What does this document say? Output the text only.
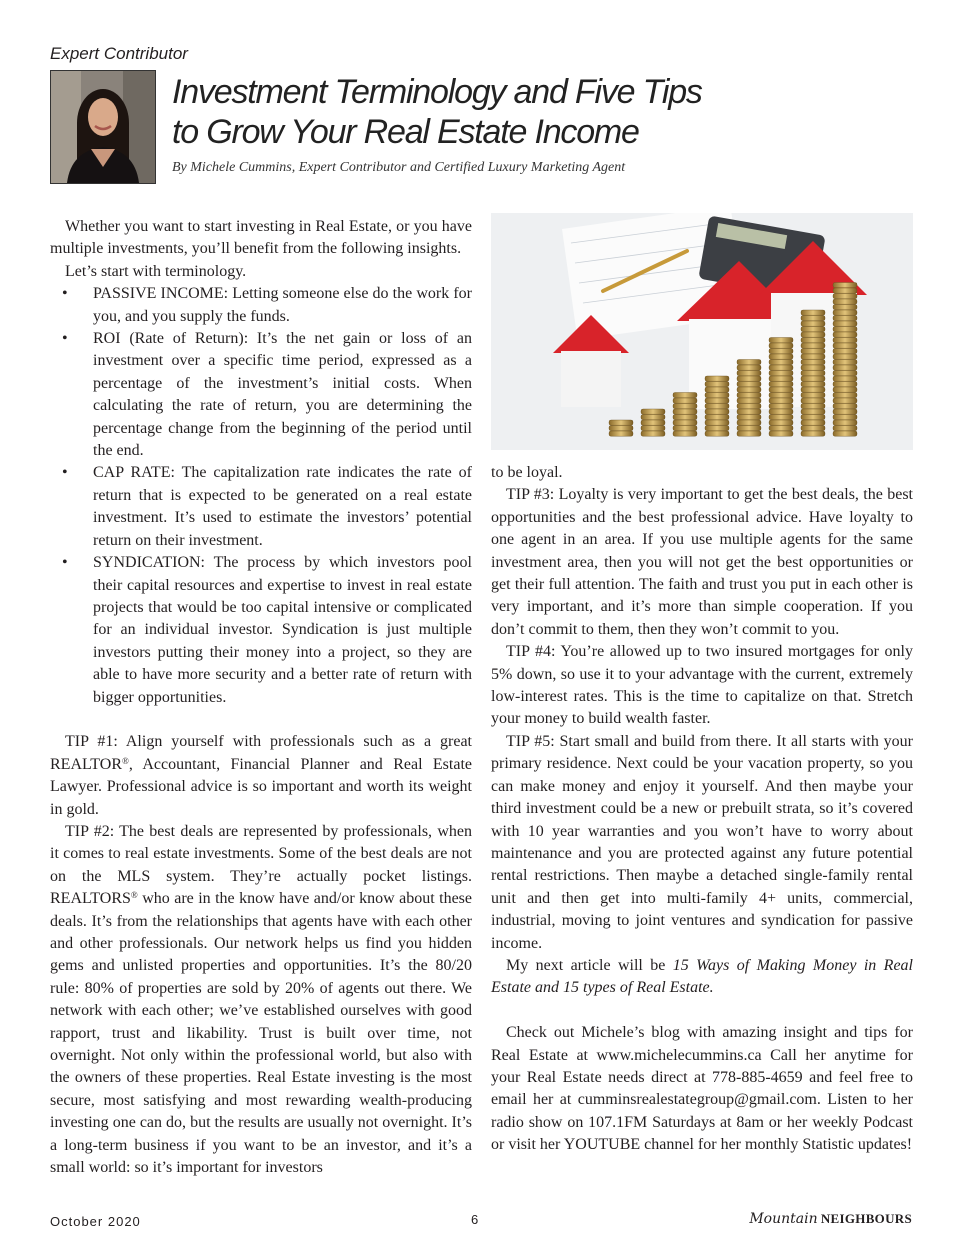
Expert Contributor
Investment Terminology and Five Tips
to Grow Your Real Estate Income
By Michele Cummins, Expert Contributor and Certified Luxury Marketing Agent

Whether you want to start investing in Real Estate, or you have multiple investments, you’ll benefit from the following insights.

Let’s start with terminology.

• PASSIVE INCOME: Letting someone else do the work for you, and you supply the funds.
• ROI (Rate of Return): It’s the net gain or loss of an investment over a specific time period, expressed as a percentage of the investment’s initial costs. When calculating the rate of return, you are determining the percentage change from the beginning of the period until the end.
• CAP RATE: The capitalization rate indicates the rate of return that is expected to be generated on a real estate investment. It’s used to estimate the investors’ potential return on their investment.
• SYNDICATION: The process by which investors pool their capital resources and expertise to invest in real estate projects that would be too capital intensive or complicated for an individual investor. Syndication is just multiple investors putting their money into a project, so they are able to have more security and a better rate of return with bigger opportunities.

TIP #1: Align yourself with professionals such as a great REALTOR®, Accountant, Financial Planner and Real Estate Lawyer. Professional advice is so important and worth its weight in gold.

TIP #2: The best deals are represented by professionals, when it comes to real estate investments. Some of the best deals are not on the MLS system. They’re actually pocket listings. REALTORS® who are in the know have and/or know about these deals. It’s from the relationships that agents have with each other and other professionals. Our network helps us find you hidden gems and unlisted properties and opportunities. It’s the 80/20 rule: 80% of properties are sold by 20% of agents out there. We network with each other; we’ve established ourselves with good rapport, trust and likability. Trust is built over time, not overnight. Not only within the professional world, but also with the owners of these properties. Real Estate investing is the most secure, most satisfying and most rewarding wealth-producing investing one can do, but the results are usually not overnight. It’s a long-term business if you want to be an investor, and it’s a small world: so it’s important for investors

to be loyal.

TIP #3: Loyalty is very important to get the best deals, the best opportunities and the best professional advice. Have loyalty to one agent in an area. If you use multiple agents for the same investment area, then you will not get the best opportunities or get their full attention. The faith and trust you put in each other is very important, and it’s more than simple cooperation. If you don’t commit to them, then they won’t commit to you.

TIP #4: You’re allowed up to two insured mortgages for only 5% down, so use it to your advantage with the current, extremely low-interest rates. This is the time to capitalize on that. Stretch your money to build wealth faster.

TIP #5: Start small and build from there. It all starts with your primary residence. Next could be your vacation property, so you can make money and enjoy it yourself. And then maybe your third investment could be a new or prebuilt strata, so it’s covered with 10 year warranties and you won’t have to worry about maintenance and you are protected against any future potential rental restrictions. Then maybe a detached single-family rental unit and then get into multi-family 4+ units, commercial, industrial, moving to joint ventures and syndication for passive income.

My next article will be 15 Ways of Making Money in Real Estate and 15 types of Real Estate.

Check out Michele’s blog with amazing insight and tips for Real Estate at www.michelecummins.ca Call her anytime for your Real Estate needs direct at 778-885-4659 and feel free to email her at cumminsrealestategroup@gmail.com. Listen to her radio show on 107.1FM Saturdays at 8am or her weekly Podcast or visit her YOUTUBE channel for her monthly Statistic updates!

October 2020	6	Mountain NEIGHBOURS
